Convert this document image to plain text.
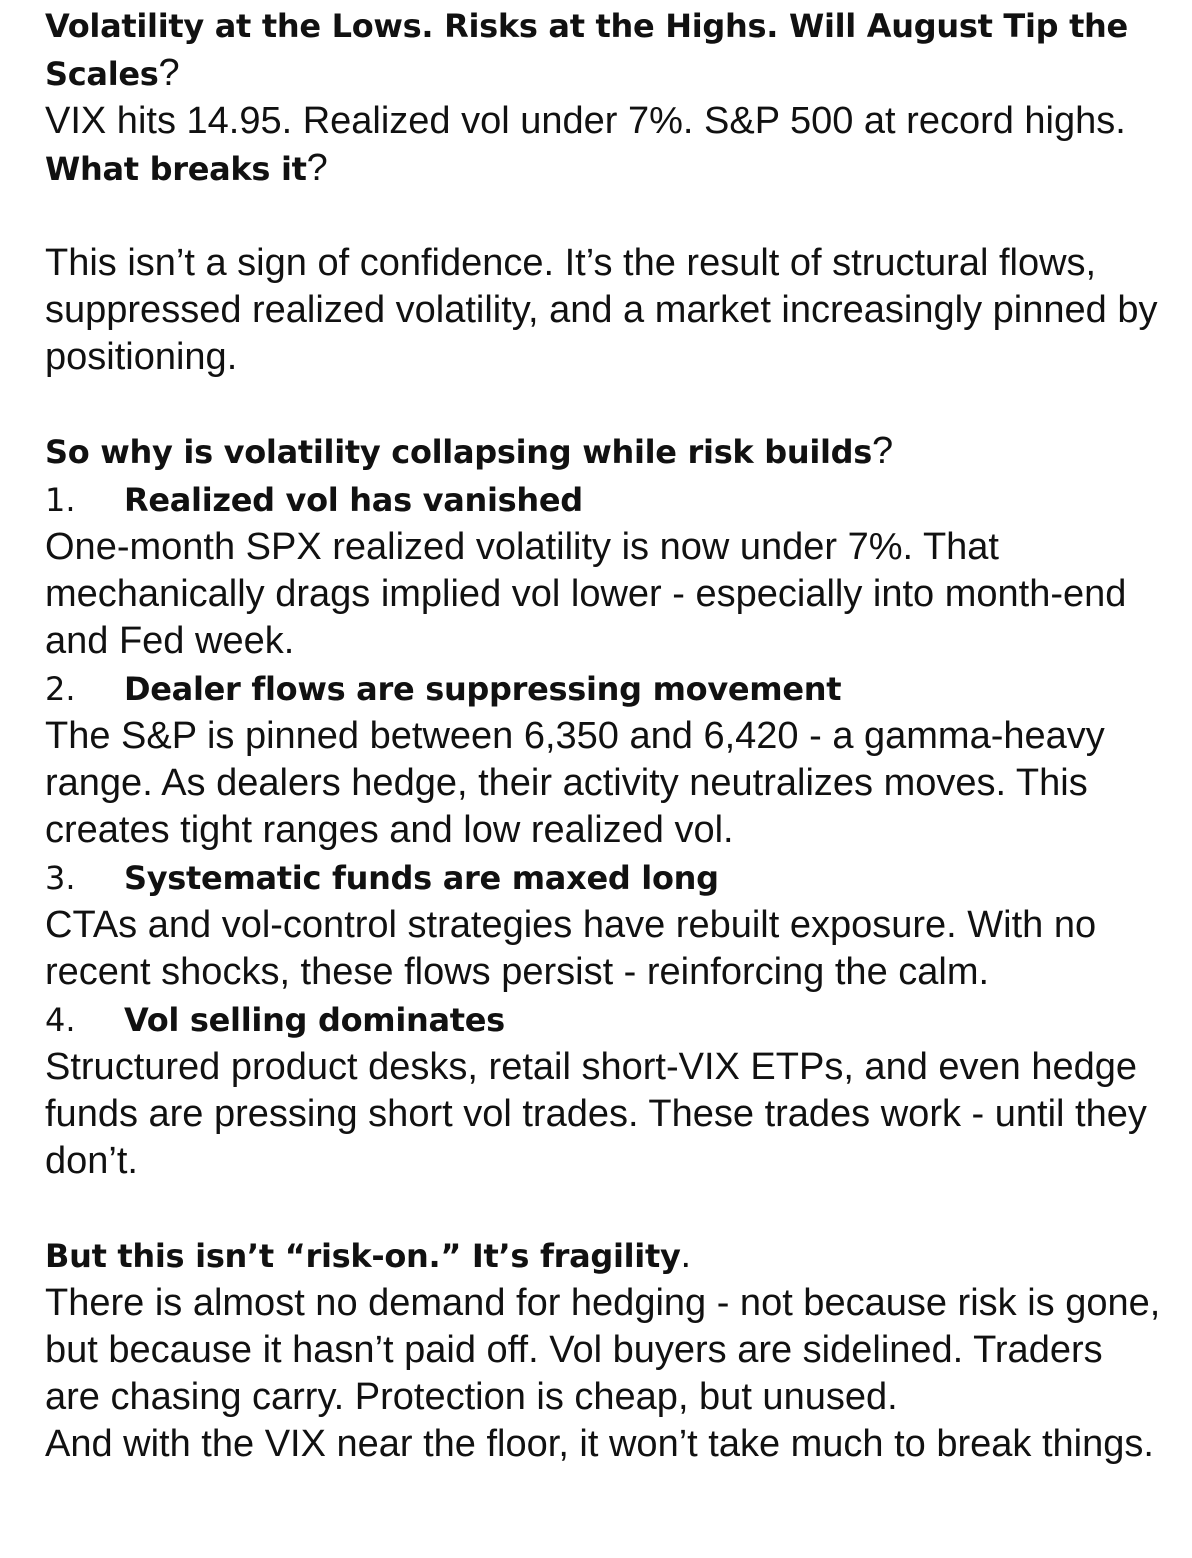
Volatility at the Lows. Risks at the Highs. Will August Tip the Scales?

VIX hits 14.95. Realized vol under 7%. S&P 500 at record highs. What breaks it?

This isn’t a sign of confidence. It’s the result of structural flows, suppressed realized volatility, and a market increasingly pinned by positioning.

So why is volatility collapsing while risk builds?

1. Realized vol has vanished

One-month SPX realized volatility is now under 7%. That mechanically drags implied vol lower - especially into month-end and Fed week.

2. Dealer flows are suppressing movement

The S&P is pinned between 6,350 and 6,420 - a gamma-heavy range. As dealers hedge, their activity neutralizes moves. This creates tight ranges and low realized vol.

3. Systematic funds are maxed long

CTAs and vol-control strategies have rebuilt exposure. With no recent shocks, these flows persist - reinforcing the calm.

4. Vol selling dominates

Structured product desks, retail short-VIX ETPs, and even hedge funds are pressing short vol trades. These trades work - until they don’t.

But this isn’t “risk-on.” It’s fragility.

There is almost no demand for hedging - not because risk is gone, but because it hasn’t paid off. Vol buyers are sidelined. Traders are chasing carry. Protection is cheap, but unused.

And with the VIX near the floor, it won’t take much to break things.
